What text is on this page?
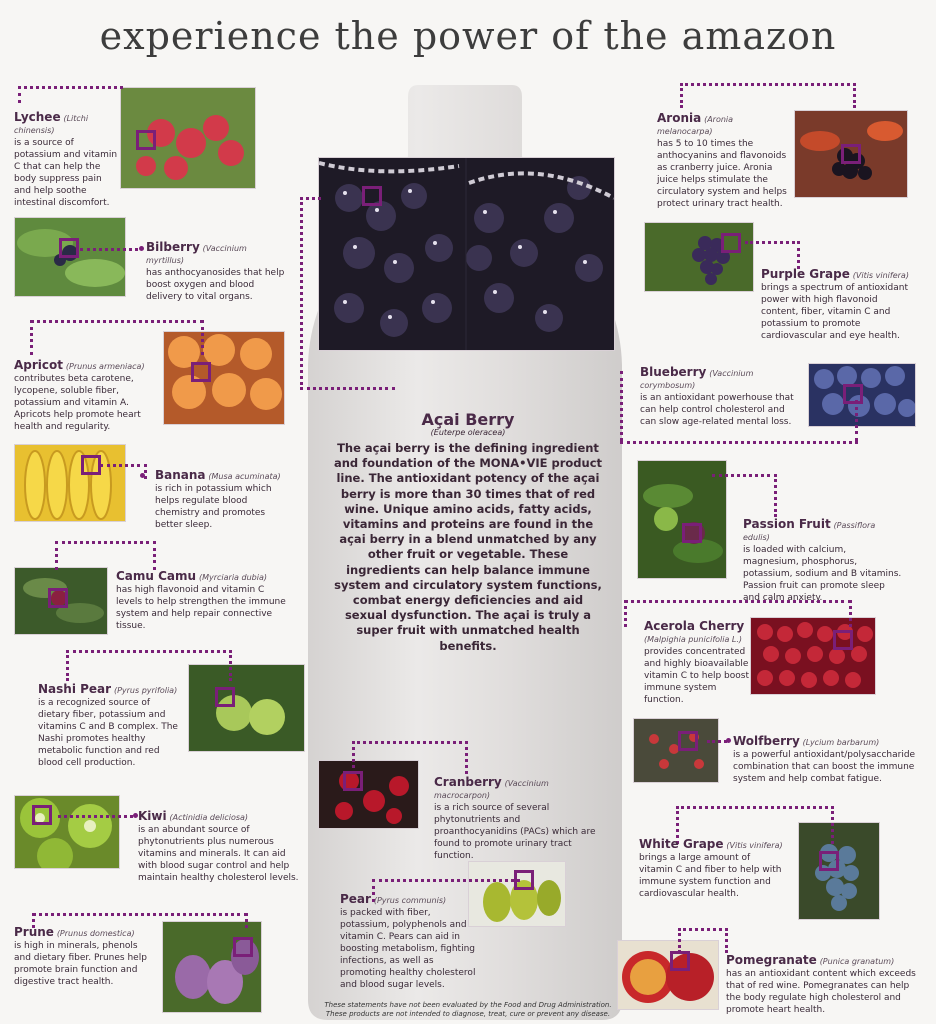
experience the power of the amazon
Açai Berry
(Euterpe oleracea)
The açai berry is the defining ingredient and foundation of the MONA•VIE product line. The antioxidant potency of the açai berry is more than 30 times that of red wine. Unique amino acids, fatty acids, vitamins and proteins are found in the açai berry in a blend unmatched by any other fruit or vegetable. These ingredients can help balance immune system and circulatory system functions, combat energy deficiencies and aid sexual dysfunction. The açai is truly a super fruit with unmatched health benefits.
Lychee (Litchi chinensis)
is a source of potassium and vitamin C that can help the body suppress pain and help soothe intestinal discomfort.
Bilberry (Vaccinium myrtillus)
has anthocyanosides that help boost oxygen and blood delivery to vital organs.
Apricot (Prunus armeniaca)
contributes beta carotene, lycopene, soluble fiber, potassium and vitamin A. Apricots help promote heart health and regularity.
Banana (Musa acuminata)
is rich in potassium which helps regulate blood chemistry and promotes better sleep.
Camu Camu (Myrciaria dubia)
has high flavonoid and vitamin C levels to help strengthen the immune system and help repair connective tissue.
Nashi Pear (Pyrus pyrifolia)
is a recognized source of dietary fiber, potassium and vitamins C and B complex. The Nashi promotes healthy metabolic function and red blood cell production.
Kiwi (Actinidia deliciosa)
is an abundant source of phytonutrients plus numerous vitamins and minerals. It can aid with blood sugar control and help maintain healthy cholesterol levels.
Prune (Prunus domestica)
is high in minerals, phenols and dietary fiber. Prunes help promote brain function and digestive tract health.
Cranberry (Vaccinium macrocarpon)
is a rich source of several phytonutrients and proanthocyanidins (PACs) which are found to promote urinary tract function.
Pear (Pyrus communis)
is packed with fiber, potassium, polyphenols and vitamin C. Pears can aid in boosting metabolism, fighting infections, as well as promoting healthy cholesterol and blood sugar levels.
Aronia (Aronia melanocarpa)
has 5 to 10 times the anthocyanins and flavonoids as cranberry juice. Aronia juice helps stimulate the circulatory system and helps protect urinary tract health.
Purple Grape (Vitis vinifera)
brings a spectrum of antioxidant power with high flavonoid content, fiber, vitamin C and potassium to promote cardiovascular and eye health.
Blueberry (Vaccinium corymbosum)
is an antioxidant powerhouse that can help control cholesterol and can slow age-related mental loss.
Passion Fruit (Passiflora edulis)
is loaded with calcium, magnesium, phosphorus, potassium, sodium and B vitamins. Passion fruit can promote sleep and calm anxiety.
Acerola Cherry (Malpighia punicifolia L.)
provides concentrated and highly bioavailable vitamin C to help boost immune system function.
Wolfberry (Lycium barbarum)
is a powerful antioxidant/polysaccharide combination that can boost the immune system and help combat fatigue.
White Grape (Vitis vinifera)
brings a large amount of vitamin C and fiber to help with immune system function and cardiovascular health.
Pomegranate (Punica granatum)
has an antioxidant content which exceeds that of red wine. Pomegranates can help the body regulate high cholesterol and promote heart health.
These statements have not been evaluated by the Food and Drug Administration.
These products are not intended to diagnose, treat, cure or prevent any disease.
